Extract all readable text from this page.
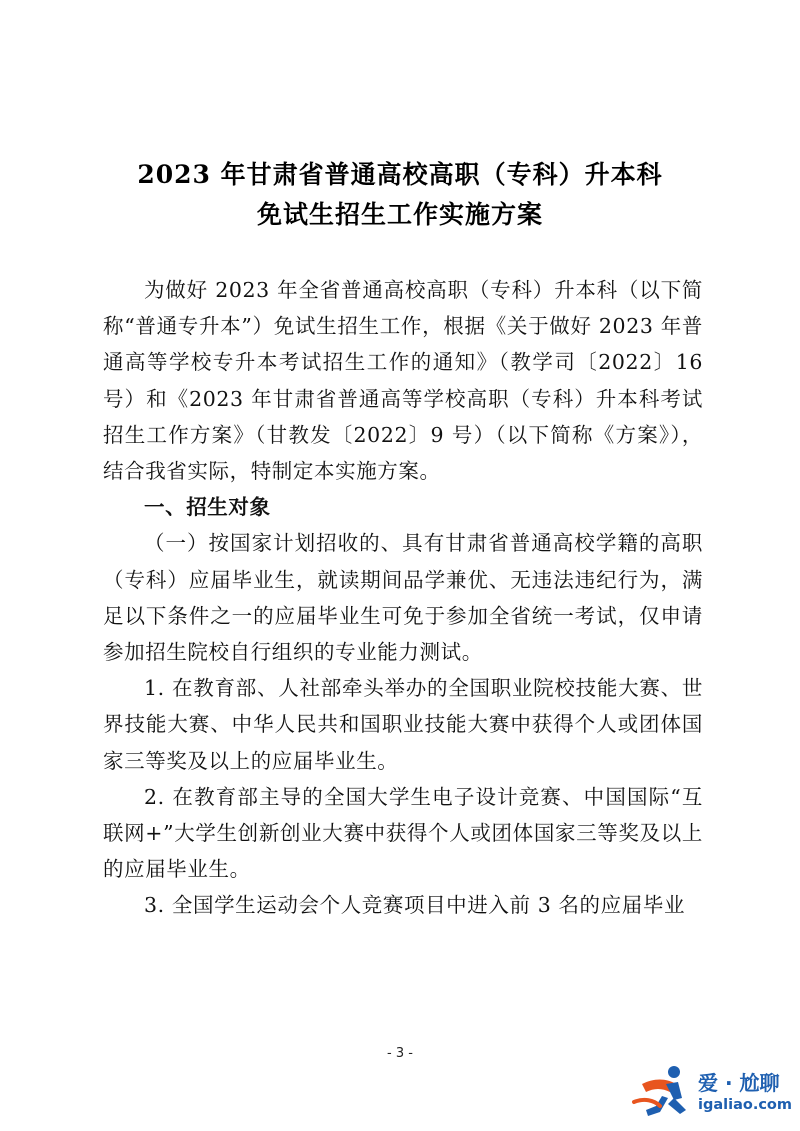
2023 年甘肃省普通高校高职（专科）升本科
免试生招生工作实施方案

为做好 2023 年全省普通高校高职（专科）升本科（以下简称“普通专升本”）免试生招生工作，根据《关于做好 2023 年普通高等学校专升本考试招生工作的通知》（教学司〔2022〕16 号）和《2023 年甘肃省普通高等学校高职（专科）升本科考试招生工作方案》（甘教发〔2022〕9 号）（以下简称《方案》），结合我省实际，特制定本实施方案。

一、招生对象

（一）按国家计划招收的、具有甘肃省普通高校学籍的高职（专科）应届毕业生，就读期间品学兼优、无违法违纪行为，满足以下条件之一的应届毕业生可免于参加全省统一考试，仅申请参加招生院校自行组织的专业能力测试。

1. 在教育部、人社部牵头举办的全国职业院校技能大赛、世界技能大赛、中华人民共和国职业技能大赛中获得个人或团体国家三等奖及以上的应届毕业生。

2. 在教育部主导的全国大学生电子设计竞赛、中国国际“互联网+”大学生创新创业大赛中获得个人或团体国家三等奖及以上的应届毕业生。

3. 全国学生运动会个人竞赛项目中进入前 3 名的应届毕业

- 3 -
爱 · 尬聊
igaliao.com
